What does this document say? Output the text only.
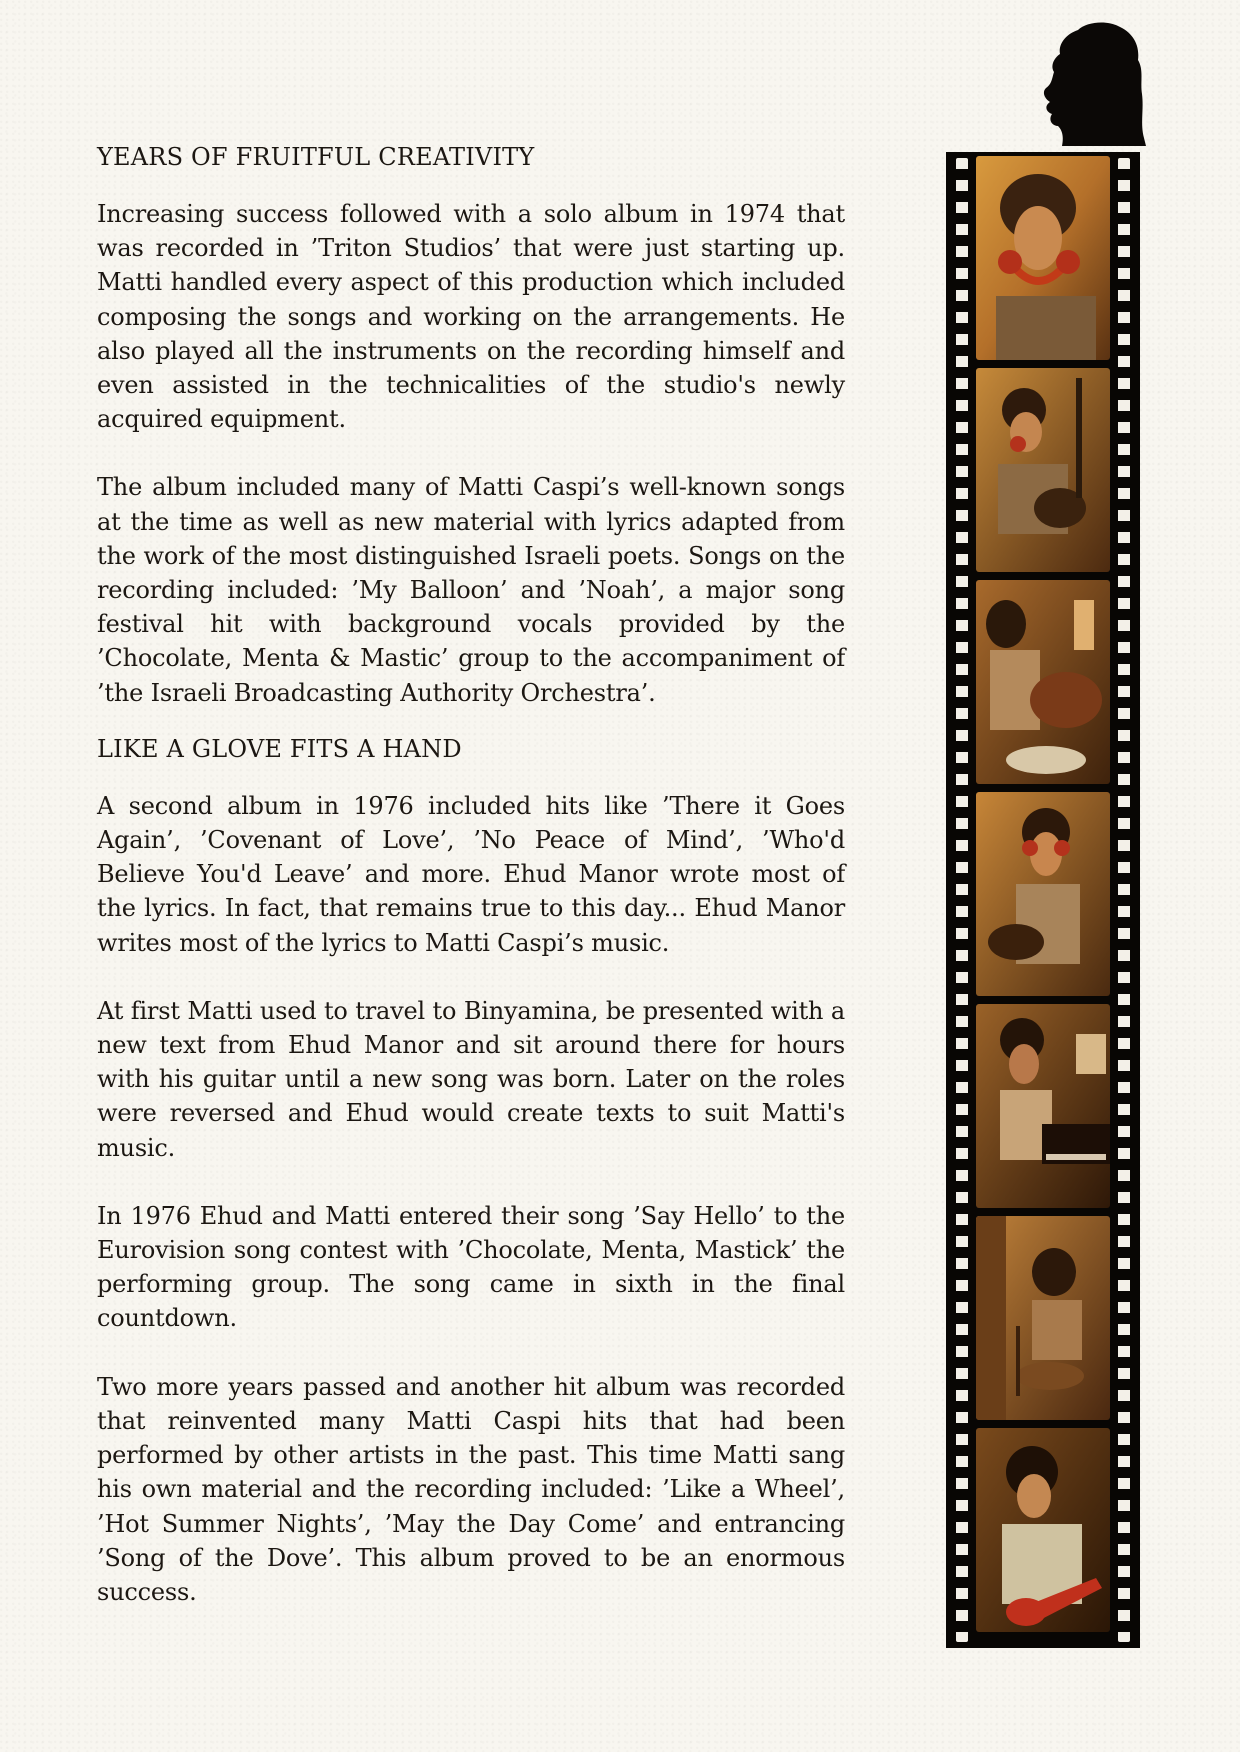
YEARS OF FRUITFUL CREATIVITY

Increasing success followed with a solo album in 1974 that was recorded in ’Triton Studios’ that were just starting up. Matti handled every aspect of this production which included composing the songs and working on the arrangements. He also played all the instruments on the recording himself and even assisted in the technicalities of the studio's newly acquired equipment.

The album included many of Matti Caspi’s well-known songs at the time as well as new material with lyrics adapted from the work of the most distinguished Israeli poets. Songs on the recording included: ’My Balloon’ and ’Noah’, a major song festival hit with background vocals provided by the ’Chocolate, Menta & Mastic’ group to the accompaniment of ’the Israeli Broadcasting Authority Orchestra’.

LIKE A GLOVE FITS A HAND

A second album in 1976 included hits like ’There it Goes Again’, ’Covenant of Love’, ’No Peace of Mind’, ’Who'd Believe You'd Leave’ and more. Ehud Manor wrote most of the lyrics. In fact, that remains true to this day... Ehud Manor writes most of the lyrics to Matti Caspi’s music.

At first Matti used to travel to Binyamina, be presented with a new text from Ehud Manor and sit around there for hours with his guitar until a new song was born. Later on the roles were reversed and Ehud would create texts to suit Matti's music.

In 1976 Ehud and Matti entered their song ’Say Hello’ to the Eurovision song contest with ’Chocolate, Menta, Mastick’ the performing group. The song came in sixth in the final countdown.

Two more years passed and another hit album was recorded that reinvented many Matti Caspi hits that had been performed by other artists in the past. This time Matti sang his own material and the recording included: ’Like a Wheel’, ’Hot Summer Nights’, ’May the Day Come’ and entrancing ’Song of the Dove’. This album proved to be an enormous success.
